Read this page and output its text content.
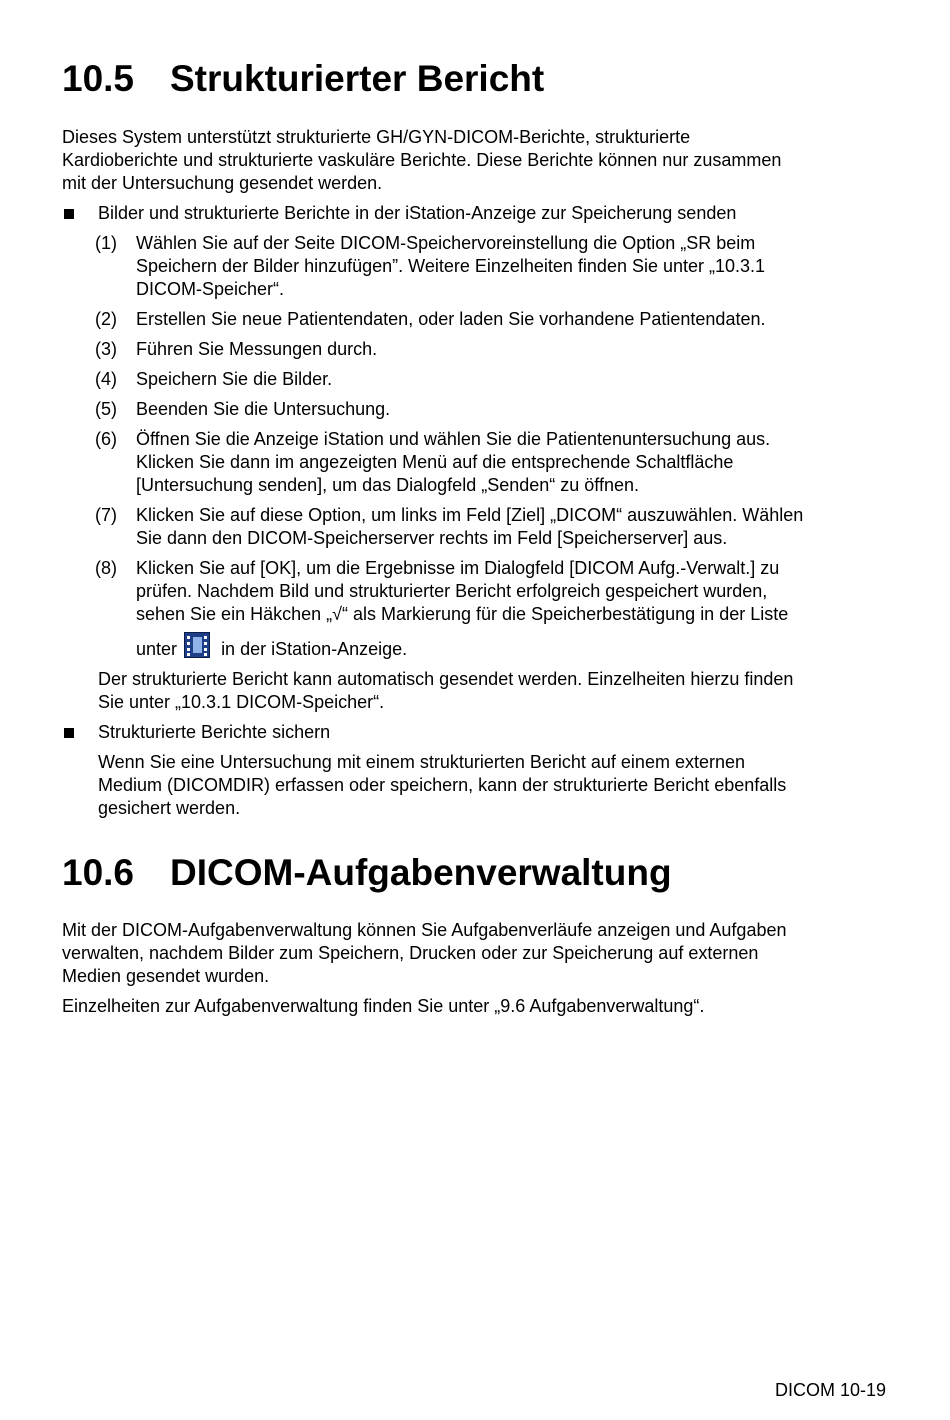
10.5 Strukturierter Bericht

Dieses System unterstützt strukturierte GH/GYN-DICOM-Berichte, strukturierte
Kardioberichte und strukturierte vaskuläre Berichte. Diese Berichte können nur zusammen
mit der Untersuchung gesendet werden.

Bilder und strukturierte Berichte in der iStation-Anzeige zur Speicherung senden
(1) Wählen Sie auf der Seite DICOM-Speichervoreinstellung die Option „SR beim
Speichern der Bilder hinzufügen”. Weitere Einzelheiten finden Sie unter „10.3.1
DICOM-Speicher“.
(2) Erstellen Sie neue Patientendaten, oder laden Sie vorhandene Patientendaten.
(3) Führen Sie Messungen durch.
(4) Speichern Sie die Bilder.
(5) Beenden Sie die Untersuchung.
(6) Öffnen Sie die Anzeige iStation und wählen Sie die Patientenuntersuchung aus.
Klicken Sie dann im angezeigten Menü auf die entsprechende Schaltfläche
[Untersuchung senden], um das Dialogfeld „Senden“ zu öffnen.
(7) Klicken Sie auf diese Option, um links im Feld [Ziel] „DICOM“ auszuwählen. Wählen
Sie dann den DICOM-Speicherserver rechts im Feld [Speicherserver] aus.
(8) Klicken Sie auf [OK], um die Ergebnisse im Dialogfeld [DICOM Aufg.-Verwalt.] zu
prüfen. Nachdem Bild und strukturierter Bericht erfolgreich gespeichert wurden,
sehen Sie ein Häkchen „√“ als Markierung für die Speicherbestätigung in der Liste
unter in der iStation-Anzeige.

Der strukturierte Bericht kann automatisch gesendet werden. Einzelheiten hierzu finden
Sie unter „10.3.1 DICOM-Speicher“.

Strukturierte Berichte sichern

Wenn Sie eine Untersuchung mit einem strukturierten Bericht auf einem externen
Medium (DICOMDIR) erfassen oder speichern, kann der strukturierte Bericht ebenfalls
gesichert werden.

10.6 DICOM-Aufgabenverwaltung

Mit der DICOM-Aufgabenverwaltung können Sie Aufgabenverläufe anzeigen und Aufgaben
verwalten, nachdem Bilder zum Speichern, Drucken oder zur Speicherung auf externen
Medien gesendet wurden.

Einzelheiten zur Aufgabenverwaltung finden Sie unter „9.6 Aufgabenverwaltung“.

DICOM 10-19
